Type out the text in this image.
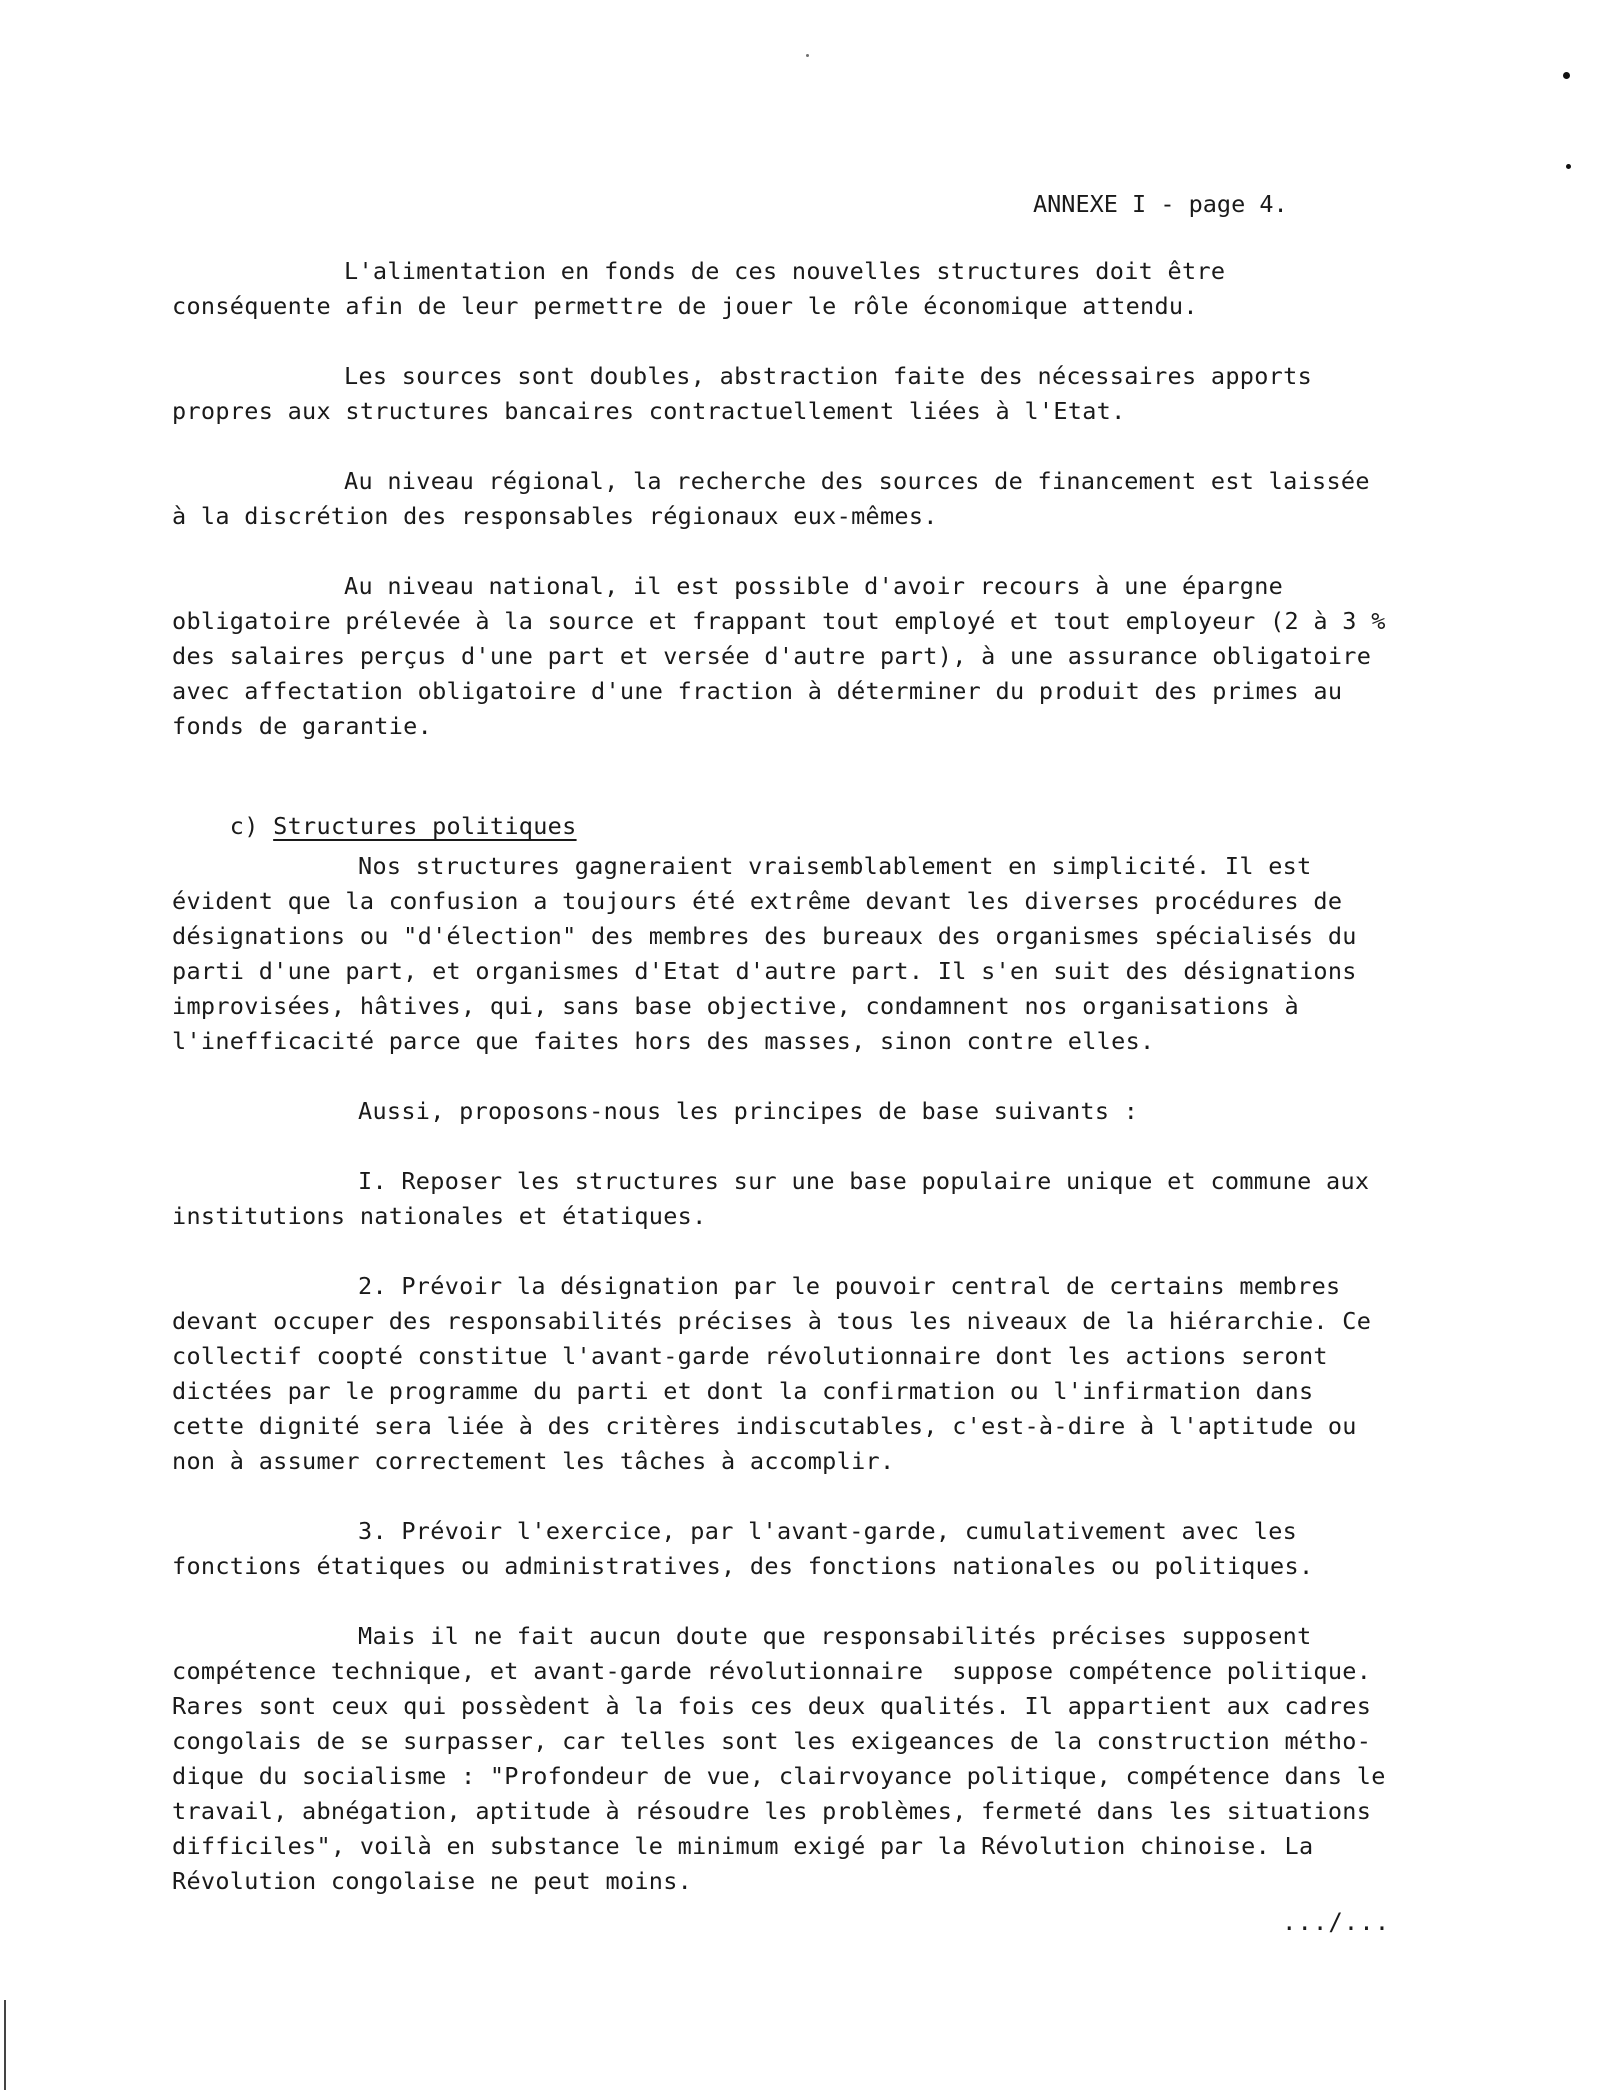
ANNEXE I - page 4.
L'alimentation en fonds de ces nouvelles structures doit être
conséquente afin de leur permettre de jouer le rôle économique attendu.
Les sources sont doubles, abstraction faite des nécessaires apports
propres aux structures bancaires contractuellement liées à l'Etat.
Au niveau régional, la recherche des sources de financement est laissée
à la discrétion des responsables régionaux eux-mêmes.
Au niveau national, il est possible d'avoir recours à une épargne
obligatoire prélevée à la source et frappant tout employé et tout employeur (2 à 3 %
des salaires perçus d'une part et versée d'autre part), à une assurance obligatoire
avec affectation obligatoire d'une fraction à déterminer du produit des primes au
fonds de garantie.

c) Structures politiques

Nos structures gagneraient vraisemblablement en simplicité. Il est
évident que la confusion a toujours été extrême devant les diverses procédures de
désignations ou "d'élection" des membres des bureaux des organismes spécialisés du
parti d'une part, et organismes d'Etat d'autre part. Il s'en suit des désignations
improvisées, hâtives, qui, sans base objective, condamnent nos organisations à
l'inefficacité parce que faites hors des masses, sinon contre elles.
Aussi, proposons-nous les principes de base suivants :
I. Reposer les structures sur une base populaire unique et commune aux
institutions nationales et étatiques.
2. Prévoir la désignation par le pouvoir central de certains membres
devant occuper des responsabilités précises à tous les niveaux de la hiérarchie. Ce
collectif coopté constitue l'avant-garde révolutionnaire dont les actions seront
dictées par le programme du parti et dont la confirmation ou l'infirmation dans
cette dignité sera liée à des critères indiscutables, c'est-à-dire à l'aptitude ou
non à assumer correctement les tâches à accomplir.
3. Prévoir l'exercice, par l'avant-garde, cumulativement avec les
fonctions étatiques ou administratives, des fonctions nationales ou politiques.
Mais il ne fait aucun doute que responsabilités précises supposent
compétence technique, et avant-garde révolutionnaire  suppose compétence politique.
Rares sont ceux qui possèdent à la fois ces deux qualités. Il appartient aux cadres
congolais de se surpasser, car telles sont les exigeances de la construction métho-
dique du socialisme : "Profondeur de vue, clairvoyance politique, compétence dans le
travail, abnégation, aptitude à résoudre les problèmes, fermeté dans les situations
difficiles", voilà en substance le minimum exigé par la Révolution chinoise. La
Révolution congolaise ne peut moins.
.../...
